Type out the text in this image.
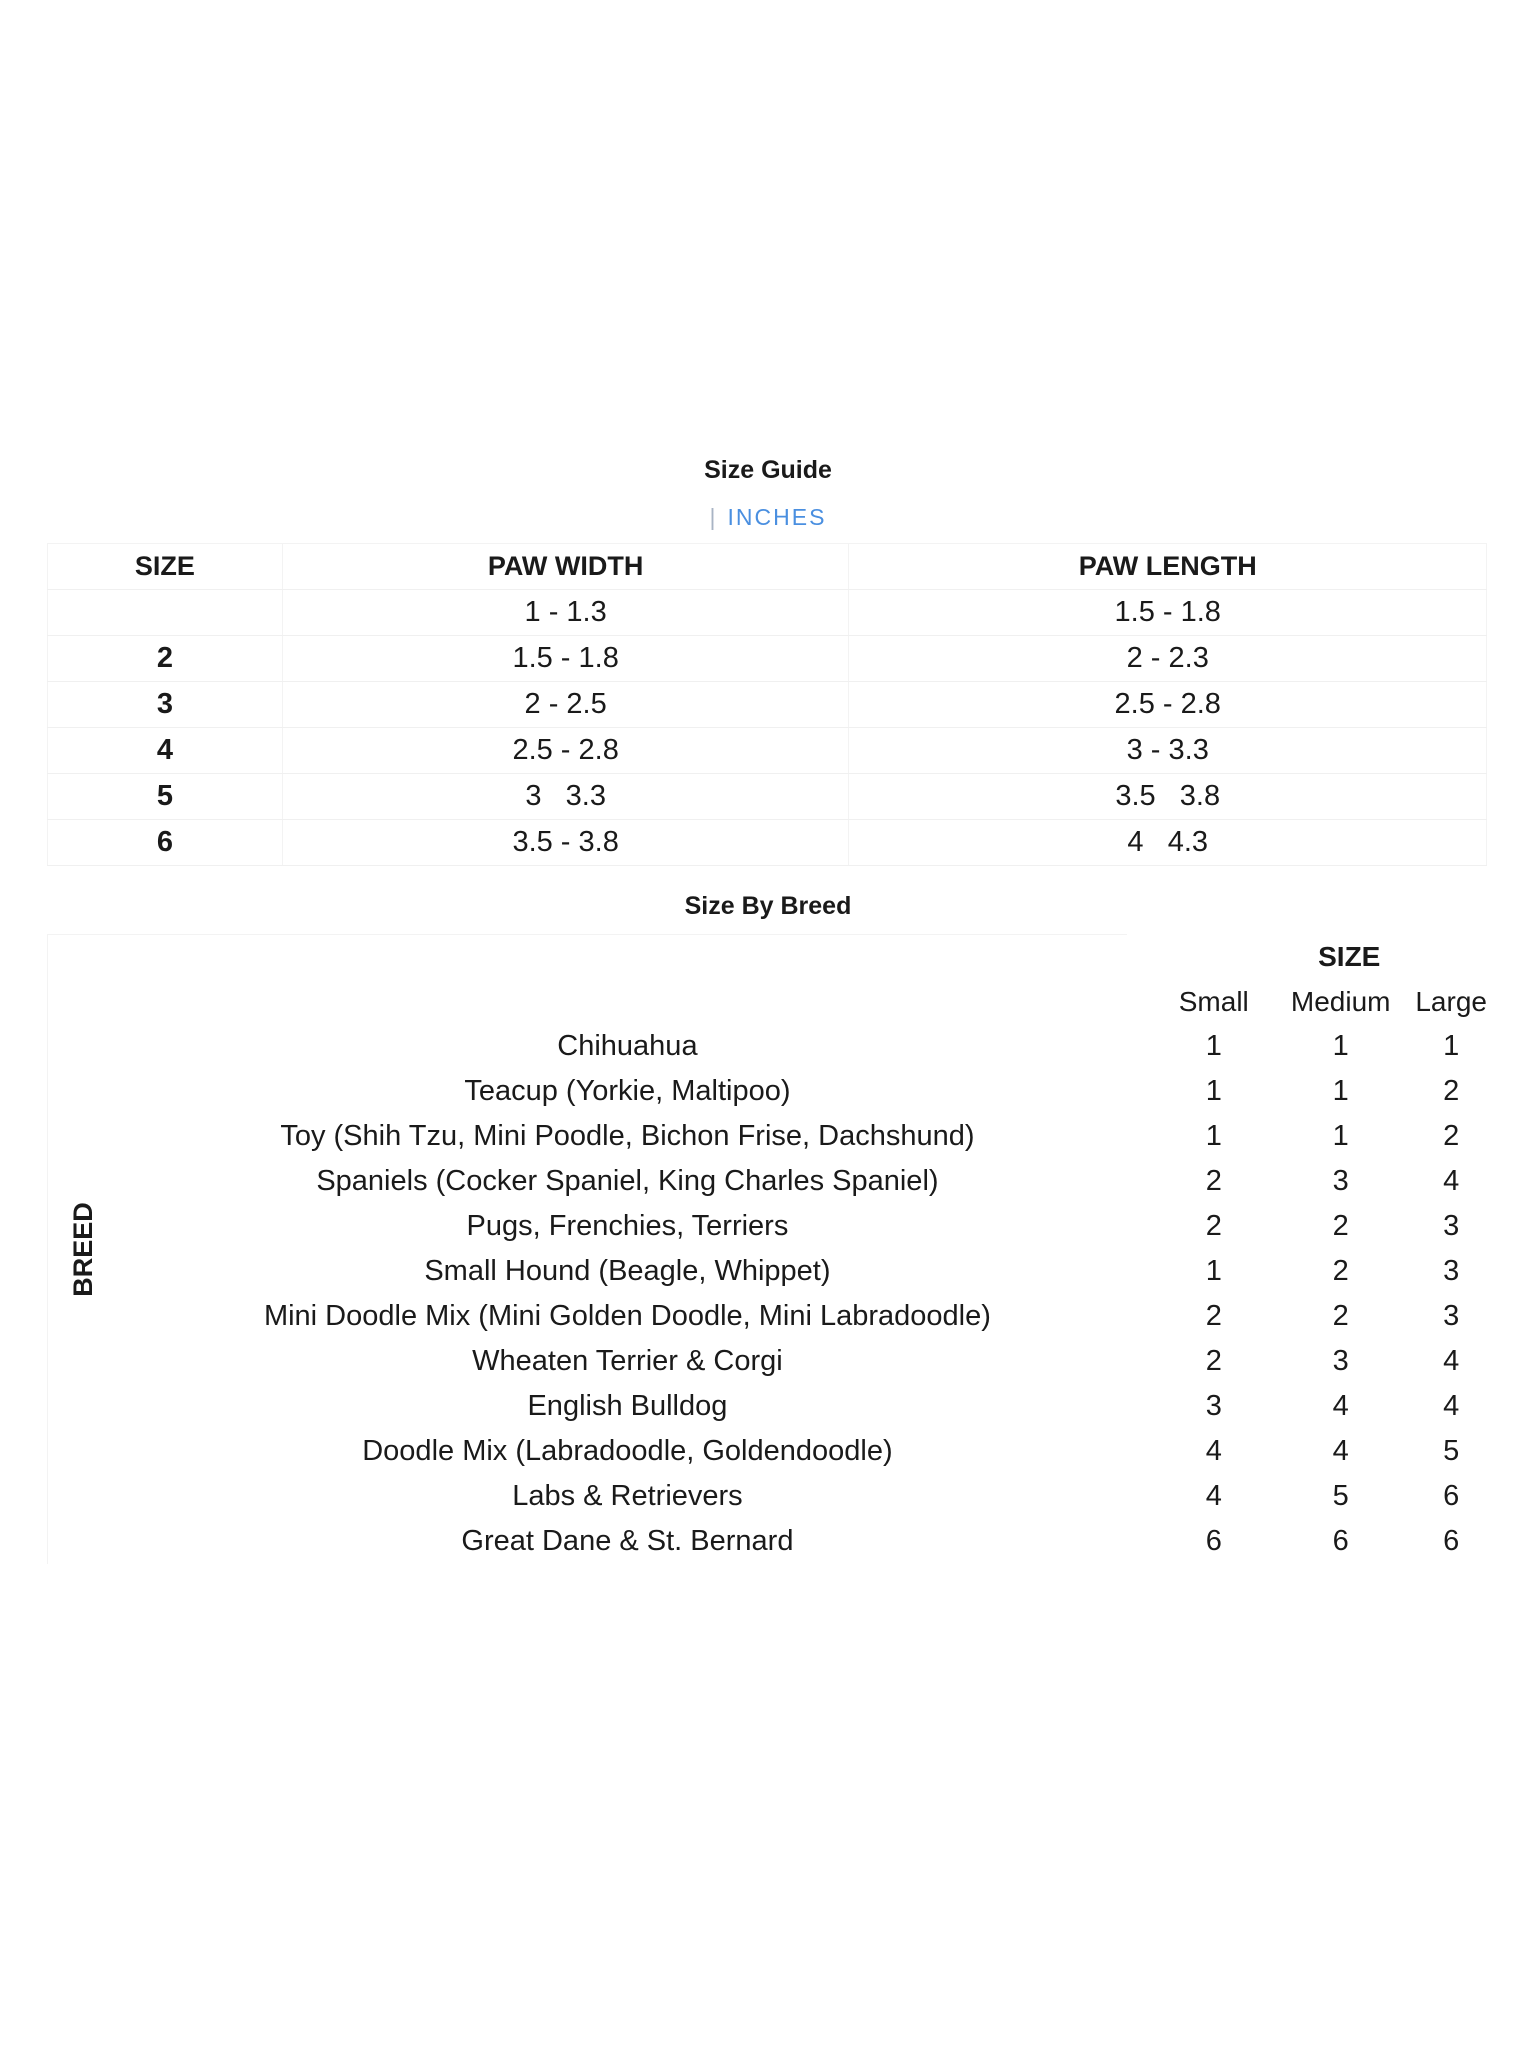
Size Guide
| INCHES
SIZE	PAW WIDTH	PAW LENGTH
	1 - 1.3	1.5 - 1.8
2	1.5 - 1.8	2 - 2.3
3	2 - 2.5	2.5 - 2.8
4	2.5 - 2.8	3 - 3.3
5	3   3.3	3.5   3.8
6	3.5 - 3.8	4   4.3
Size By Breed
BREED		SIZE		
		Small	Medium	Large
	Chihuahua	1	1	1
	Teacup (Yorkie, Maltipoo)	1	1	2
	Toy (Shih Tzu, Mini Poodle, Bichon Frise, Dachshund)	1	1	2
	Spaniels (Cocker Spaniel, King Charles Spaniel)	2	3	4
	Pugs, Frenchies, Terriers	2	2	3
	Small Hound (Beagle, Whippet)	1	2	3
	Mini Doodle Mix (Mini Golden Doodle, Mini Labradoodle)	2	2	3
	Wheaten Terrier & Corgi	2	3	4
	English Bulldog	3	4	4
	Doodle Mix (Labradoodle, Goldendoodle)	4	4	5
	Labs & Retrievers	4	5	6
	Great Dane & St. Bernard	6	6	6
